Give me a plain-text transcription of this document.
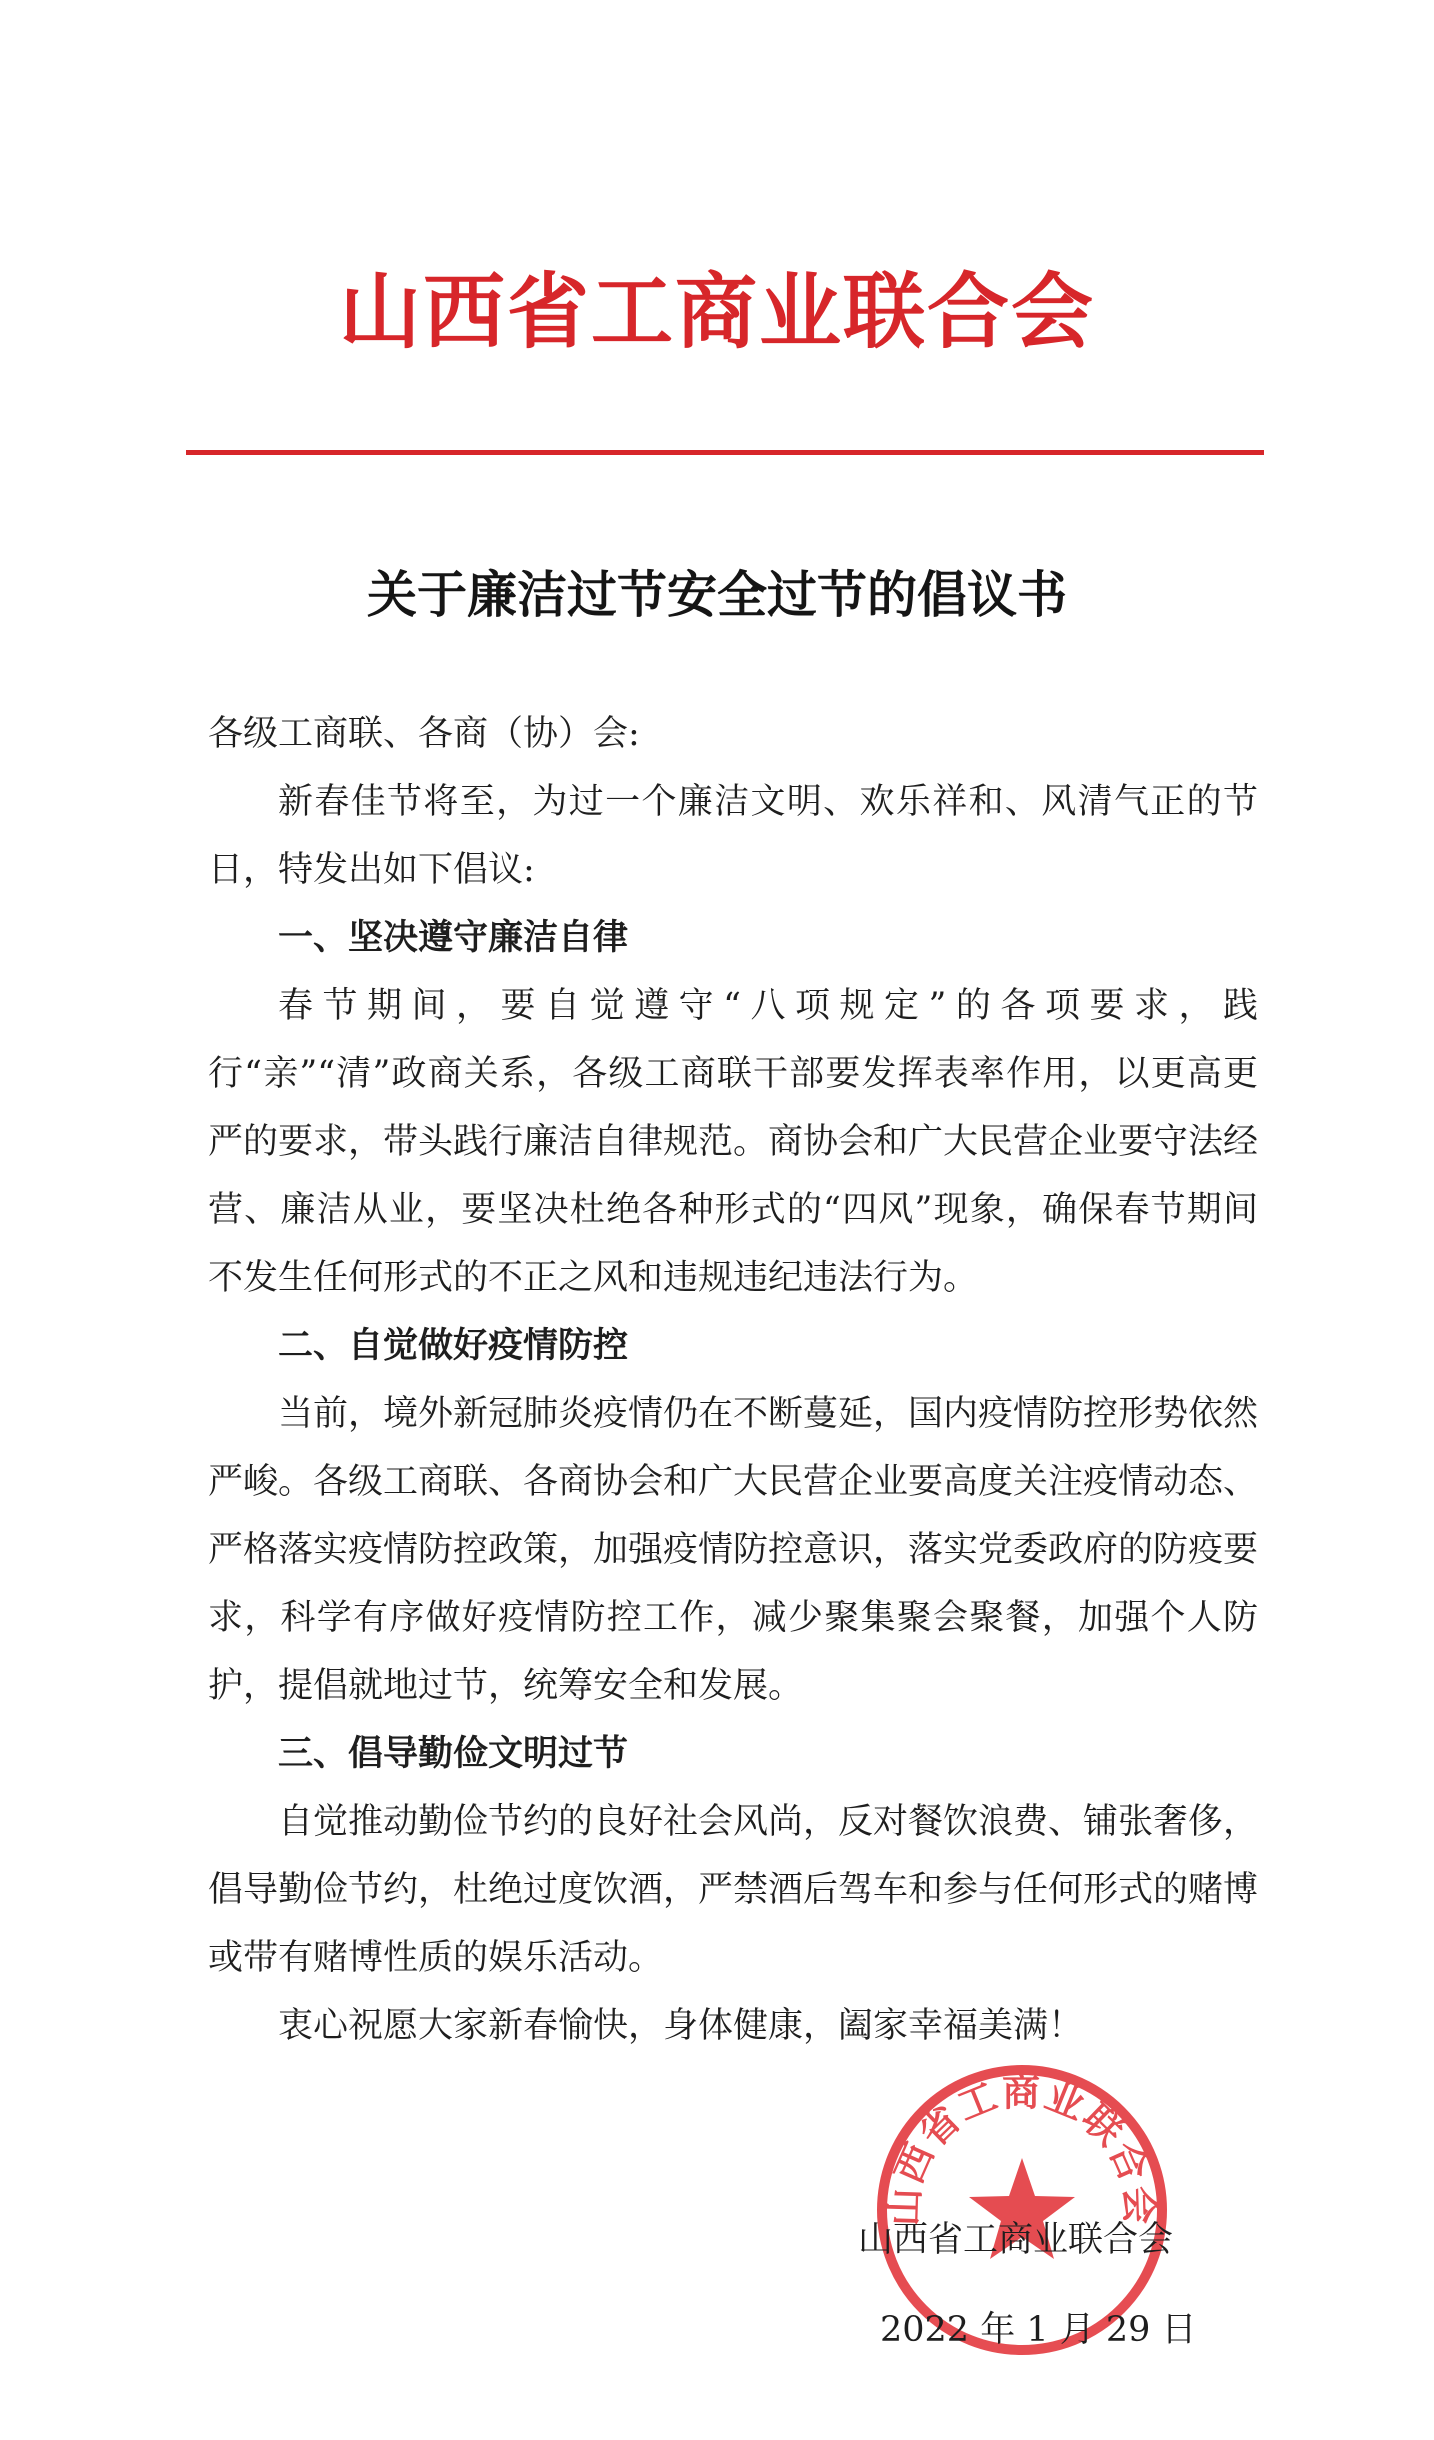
山西省工商业联合会
关于廉洁过节安全过节的倡议书

各级工商联、各商（协）会:

新春佳节将至，为过一个廉洁文明、欢乐祥和、风清气正的节日，特发出如下倡议:

一、坚决遵守廉洁自律

春节期间，要自觉遵守“八项规定”的各项要求，践行“亲”“清”政商关系，各级工商联干部要发挥表率作用，以更高更严的要求，带头践行廉洁自律规范。商协会和广大民营企业要守法经营、廉洁从业，要坚决杜绝各种形式的“四风”现象，确保春节期间不发生任何形式的不正之风和违规违纪违法行为。

二、自觉做好疫情防控

当前，境外新冠肺炎疫情仍在不断蔓延，国内疫情防控形势依然严峻。各级工商联、各商协会和广大民营企业要高度关注疫情动态、严格落实疫情防控政策，加强疫情防控意识，落实党委政府的防疫要求，科学有序做好疫情防控工作，减少聚集聚会聚餐，加强个人防护，提倡就地过节，统筹安全和发展。

三、倡导勤俭文明过节

自觉推动勤俭节约的良好社会风尚，反对餐饮浪费、铺张奢侈，倡导勤俭节约，杜绝过度饮酒，严禁酒后驾车和参与任何形式的赌博或带有赌博性质的娱乐活动。

衷心祝愿大家新春愉快，身体健康，阖家幸福美满！

山西省工商业联合会
山西省工商业联合会
2022 年 1 月 29 日
